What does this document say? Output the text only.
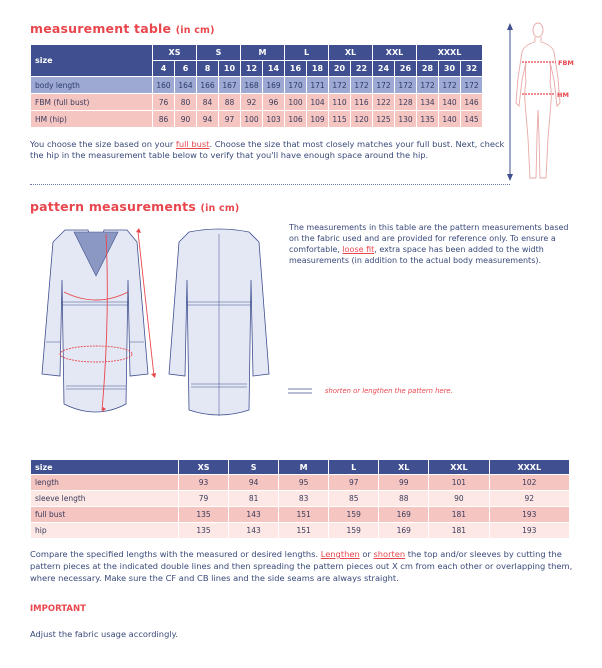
measurement table (in cm)
size	XS		S		M		L		XL		XXL		XXXL		
	4	6	8	10	12	14	16	18	20	22	24	26	28	30	32
body length	160	164	166	167	168	169	170	171	172	172	172	172	172	172	172
FBM (full bust)	76	80	84	88	92	96	100	104	110	116	122	128	134	140	146
HM (hip)	86	90	94	97	100	103	106	109	115	120	125	130	135	140	145
You choose the size based on your full bust. Choose the size that most closely matches your full bust. Next, check the hip in the measurement table below to verify that you'll have enough space around the hip.
FBM
HM
pattern measurements (in cm)
The measurements in this table are the pattern measurements based on the fabric used and are provided for reference only. To ensure a comfortable, loose fit, extra space has been added to the width measurements (in addition to the actual body measurements).
shorten or lengthen the pattern here.
size	XS	S	M	L	XL	XXL	XXXL
length	93	94	95	97	99	101	102
sleeve length	79	81	83	85	88	90	92
full bust	135	143	151	159	169	181	193
hip	135	143	151	159	169	181	193
Compare the specified lengths with the measured or desired lengths. Lengthen or shorten the top and/or sleeves by cutting the pattern pieces at the indicated double lines and then spreading the pattern pieces out X cm from each other or overlapping them, where necessary. Make sure the CF and CB lines and the side seams are always straight.
IMPORTANT
Adjust the fabric usage accordingly.
